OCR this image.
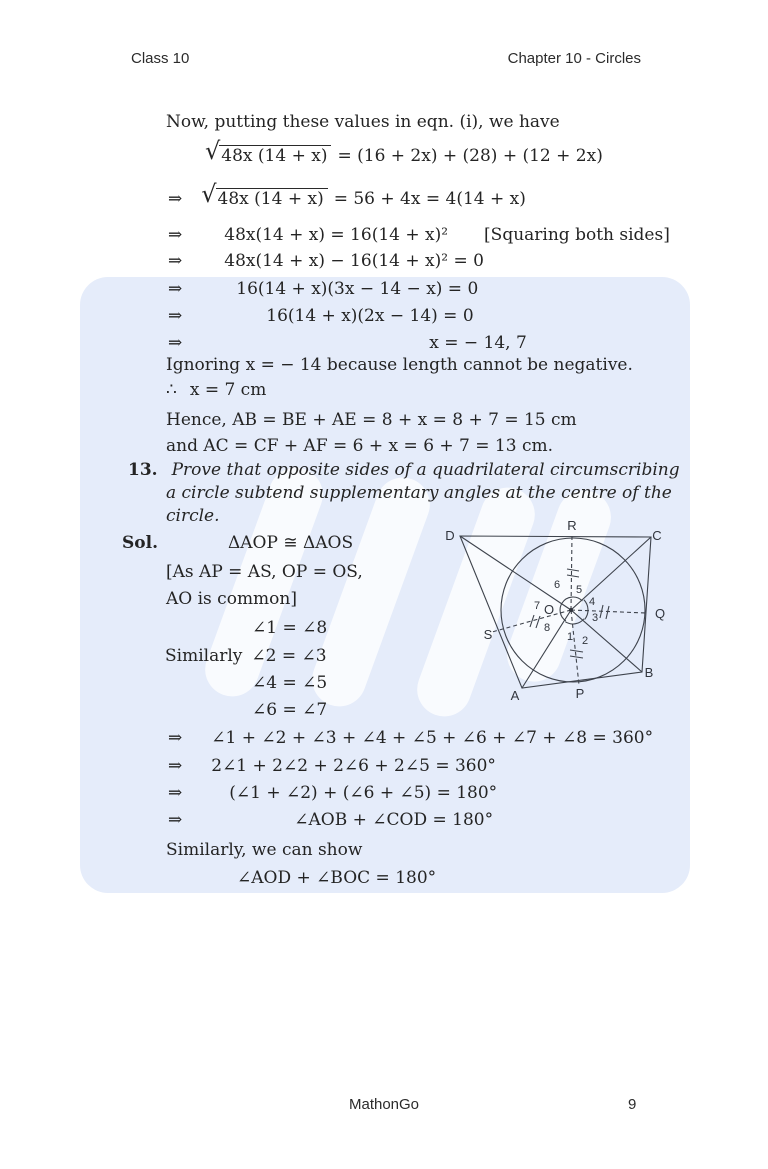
Class 10	Chapter 10 - Circles
Now, putting these values in eqn. (i), we have
√48x (14 + x) = (16 + 2x) + (28) + (12 + 2x)
⇒ √48x (14 + x) = 56 + 4x = 4(14 + x)
⇒ 48x(14 + x) = 16(14 + x)² [Squaring both sides]
⇒ 48x(14 + x) − 16(14 + x)² = 0
⇒	16(14 + x)(3x − 14 − x) = 0
⇒	16(14 + x)(2x − 14) = 0
⇒	x = − 14, 7
Ignoring x = − 14 because length cannot be negative.
∴ x = 7 cm
Hence, AB = BE + AE = 8 + x = 8 + 7 = 15 cm
and AC = CF + AF = 6 + x = 6 + 7 = 13 cm.
13. Prove that opposite sides of a quadrilateral circumscribing
a circle subtend supplementary angles at the centre of the
circle.
Sol.	ΔAOP ≅ ΔAOS
[As AP = AS, OP = OS,
AO is common]
∠1 = ∠8
Similarly ∠2 = ∠3
∠4 = ∠5
∠6 = ∠7
⇒ ∠1 + ∠2 + ∠3 + ∠4 + ∠5 + ∠6 + ∠7 + ∠8 = 360°
⇒ 2∠1 + 2∠2 + 2∠6 + 2∠5 = 360°
⇒	(∠1 + ∠2) + (∠6 + ∠5) = 180°
⇒	∠AOB + ∠COD = 180°
Similarly, we can show
∠AOD + ∠BOC = 180°
D
R
C
Q
B
P
A
S
O
6 5
7	4
3
8
1 2
MathonGo	9
